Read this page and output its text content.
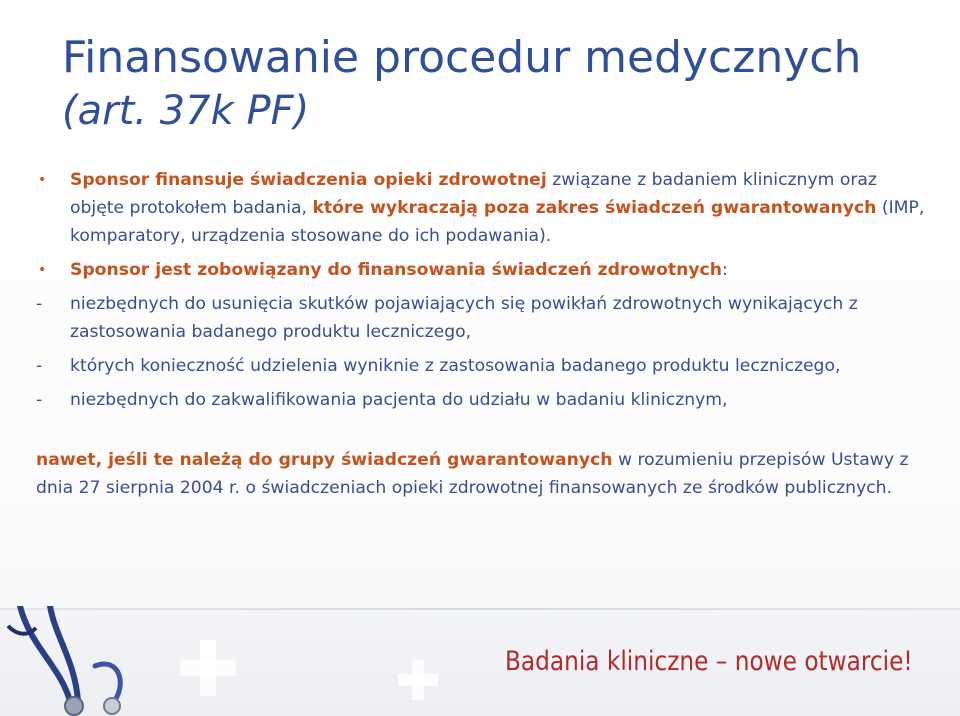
Finansowanie procedur medycznych
(art. 37k PF)
•	Sponsor finansuje świadczenia opieki zdrowotnej związane z badaniem klinicznym oraz objęte protokołem badania, które wykraczają poza zakres świadczeń gwarantowanych (IMP, komparatory, urządzenia stosowane do ich podawania).
•	Sponsor jest zobowiązany do finansowania świadczeń zdrowotnych:
-	niezbędnych do usunięcia skutków pojawiających się powikłań zdrowotnych wynikających z zastosowania badanego produktu leczniczego,
-	których konieczność udzielenia wyniknie z zastosowania badanego produktu leczniczego,
-	niezbędnych do zakwalifikowania pacjenta do udziału w badaniu klinicznym,
nawet, jeśli te należą do grupy świadczeń gwarantowanych w rozumieniu przepisów Ustawy z dnia 27 sierpnia 2004 r. o świadczeniach opieki zdrowotnej finansowanych ze środków publicznych.
Badania kliniczne – nowe otwarcie!
